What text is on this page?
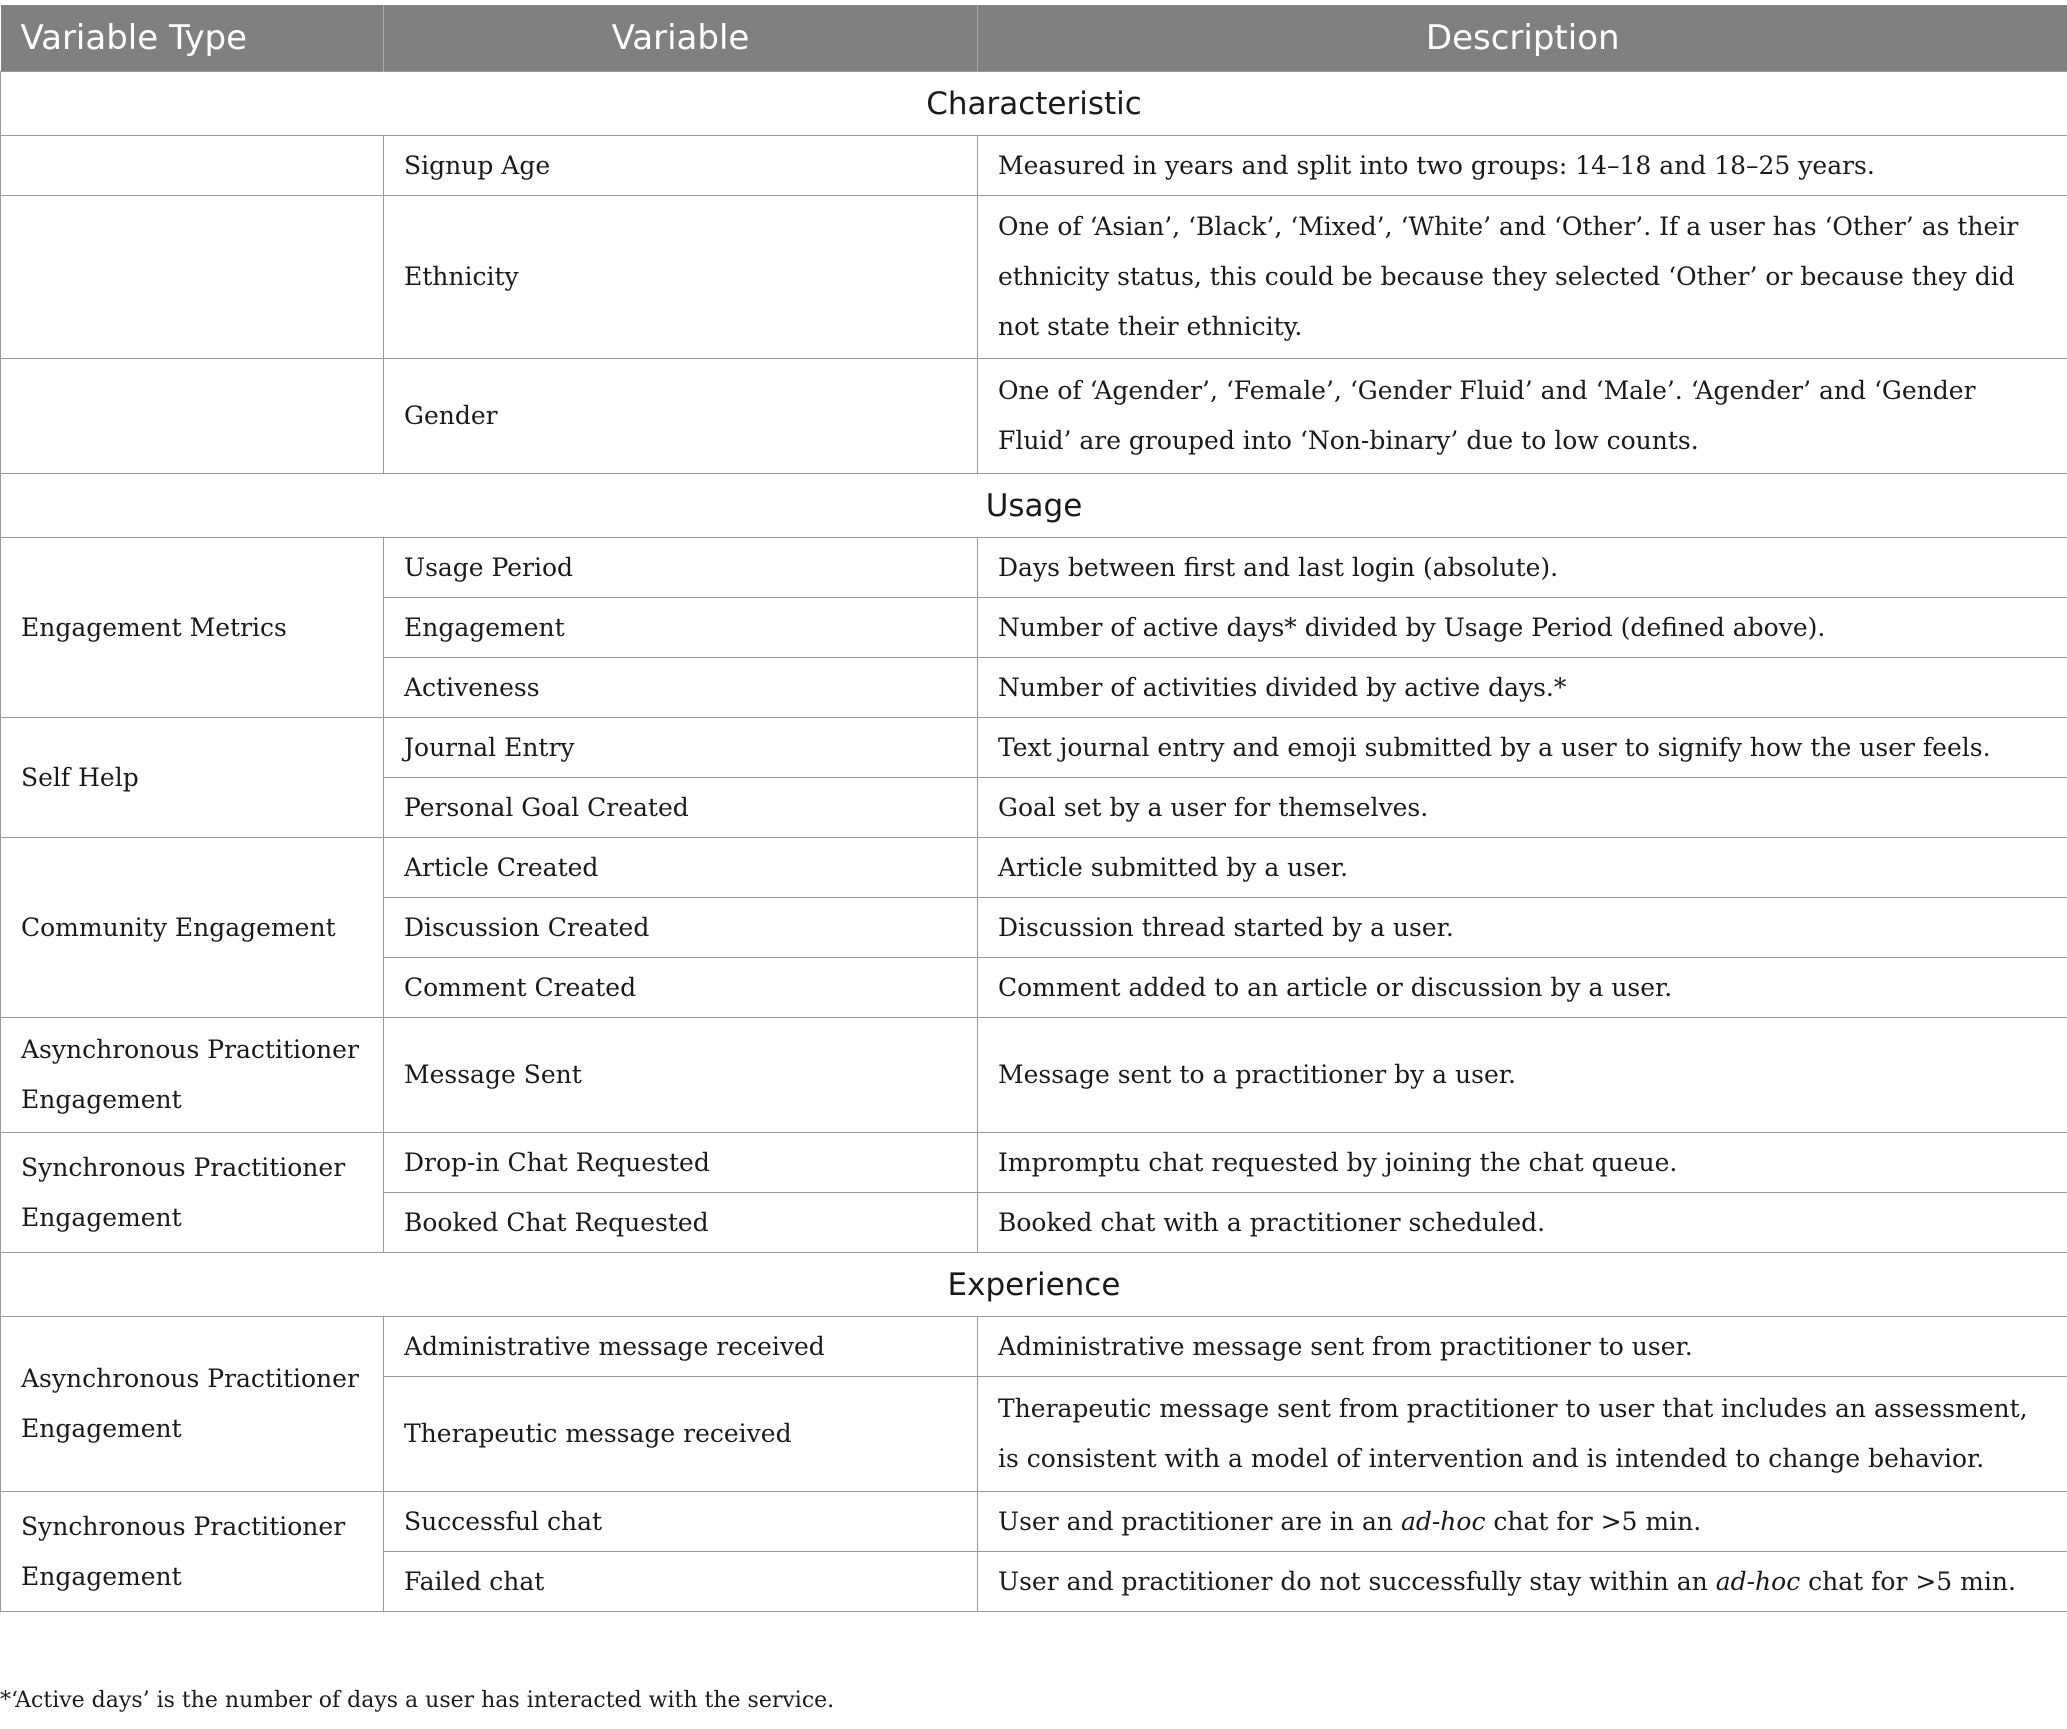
Variable Type	Variable	Description
Characteristic		
	Signup Age	Measured in years and split into two groups: 14–18 and 18–25 years.
	Ethnicity	One of ‘Asian’, ‘Black’, ‘Mixed’, ‘White’ and ‘Other’. If a user has ‘Other’ as their ethnicity status, this could be because they selected ‘Other’ or because they did not state their ethnicity.
	Gender	One of ‘Agender’, ‘Female’, ‘Gender Fluid’ and ‘Male’. ‘Agender’ and ‘Gender Fluid’ are grouped into ‘Non-binary’ due to low counts.
Usage		
Engagement Metrics	Usage Period	Days between first and last login (absolute).
	Engagement	Number of active days* divided by Usage Period (defined above).
	Activeness	Number of activities divided by active days.*
Self Help	Journal Entry	Text journal entry and emoji submitted by a user to signify how the user feels.
	Personal Goal Created	Goal set by a user for themselves.
Community Engagement	Article Created	Article submitted by a user.
	Discussion Created	Discussion thread started by a user.
	Comment Created	Comment added to an article or discussion by a user.
Asynchronous Practitioner Engagement	Message Sent	Message sent to a practitioner by a user.
Synchronous Practitioner Engagement	Drop-in Chat Requested	Impromptu chat requested by joining the chat queue.
	Booked Chat Requested	Booked chat with a practitioner scheduled.
Experience		
Asynchronous Practitioner Engagement	Administrative message received	Administrative message sent from practitioner to user.
	Therapeutic message received	Therapeutic message sent from practitioner to user that includes an assessment, is consistent with a model of intervention and is intended to change behavior.
Synchronous Practitioner Engagement	Successful chat	User and practitioner are in an ad-hoc chat for >5 min.
	Failed chat	User and practitioner do not successfully stay within an ad-hoc chat for >5 min.
*‘Active days’ is the number of days a user has interacted with the service.
